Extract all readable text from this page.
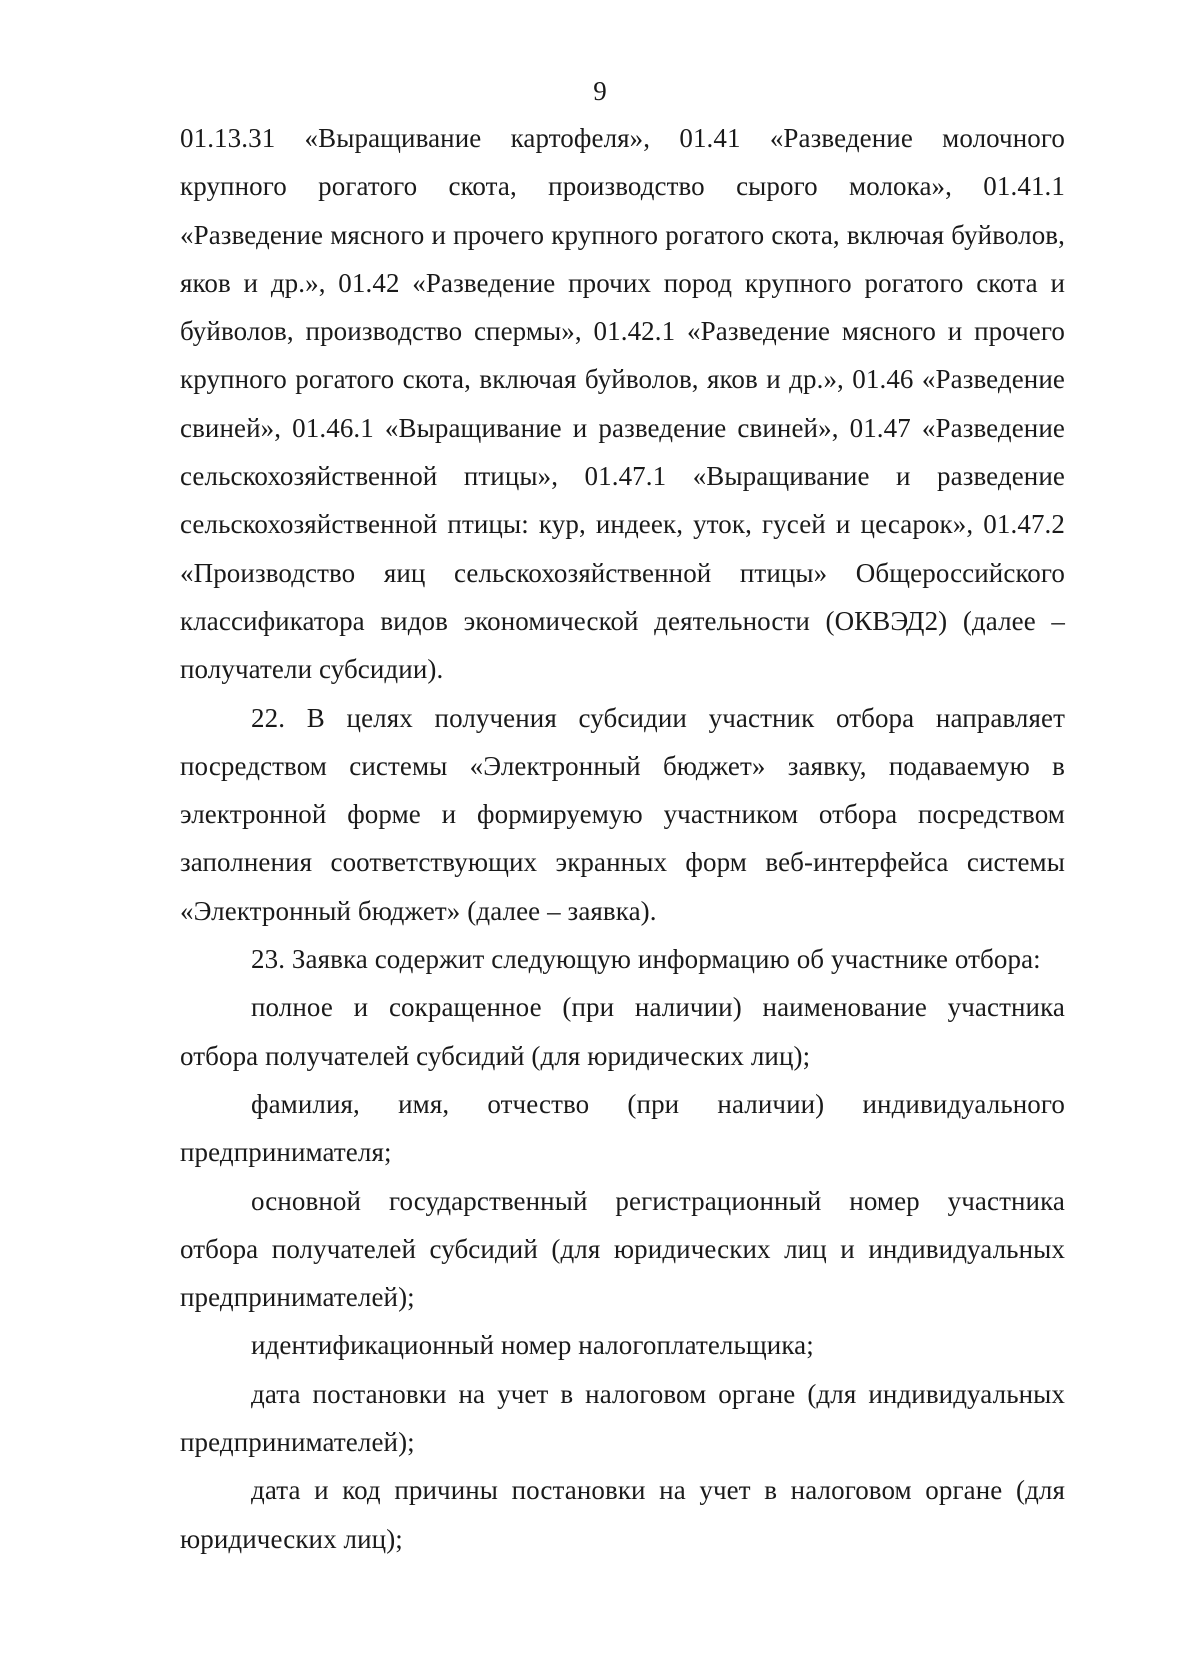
9

01.13.31 «Выращивание картофеля», 01.41 «Разведение молочного крупного рогатого скота, производство сырого молока», 01.41.1 «Разведение мясного и прочего крупного рогатого скота, включая буйволов, яков и др.», 01.42 «Разведение прочих пород крупного рогатого скота и буйволов, производство спермы», 01.42.1 «Разведение мясного и прочего крупного рогатого скота, включая буйволов, яков и др.», 01.46 «Разведение свиней», 01.46.1 «Выращивание и разведение свиней», 01.47 «Разведение сельскохозяйственной птицы», 01.47.1 «Выращивание и разведение сельскохозяйственной птицы: кур, индеек, уток, гусей и цесарок», 01.47.2 «Производство яиц сельскохозяйственной птицы» Общероссийского классификатора видов экономической деятельности (ОКВЭД2) (далее – получатели субсидии).

22. В целях получения субсидии участник отбора направляет посредством системы «Электронный бюджет» заявку, подаваемую в электронной форме и формируемую участником отбора посредством заполнения соответствующих экранных форм веб-интерфейса системы «Электронный бюджет» (далее – заявка).

23. Заявка содержит следующую информацию об участнике отбора:

полное и сокращенное (при наличии) наименование участника отбора получателей субсидий (для юридических лиц);

фамилия, имя, отчество (при наличии) индивидуального предпринимателя;

основной государственный регистрационный номер участника отбора получателей субсидий (для юридических лиц и индивидуальных предпринимателей);

идентификационный номер налогоплательщика;

дата постановки на учет в налоговом органе (для индивидуальных предпринимателей);

дата и код причины постановки на учет в налоговом органе (для юридических лиц);
